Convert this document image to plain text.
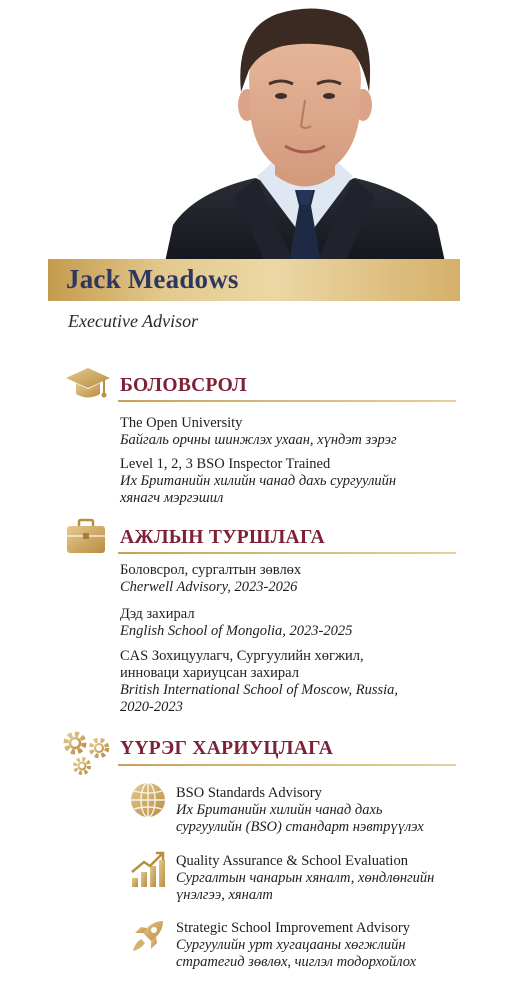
Jack Meadows
Executive Advisor
БОЛОВСРОЛ
The Open University
Байгаль орчны шинжлэх ухаан, хүндэт зэрэг
Level 1, 2, 3 BSO Inspector Trained
Их Британийн хилийн чанад дахь сургуулийн
хянагч мэргэшил
АЖЛЫН ТУРШЛАГА
Боловсрол, сургалтын зөвлөх
Cherwell Advisory, 2023-2026
Дэд захирал
English School of Mongolia, 2023-2025
CAS Зохицуулагч, Сургуулийн хөгжил,
инноваци хариуцсан захирал
British International School of Moscow, Russia,
2020-2023
ҮҮРЭГ ХАРИУЦЛАГА
BSO Standards Advisory
Их Британийн хилийн чанад дахь
сургуулийн (BSO) стандарт нэвтрүүлэх
Quality Assurance & School Evaluation
Сургалтын чанарын хяналт, хөндлөнгийн
үнэлгээ, хяналт
Strategic School Improvement Advisory
Сургуулийн урт хугацааны хөгжлийн
стратегид зөвлөх, чиглэл тодорхойлох
